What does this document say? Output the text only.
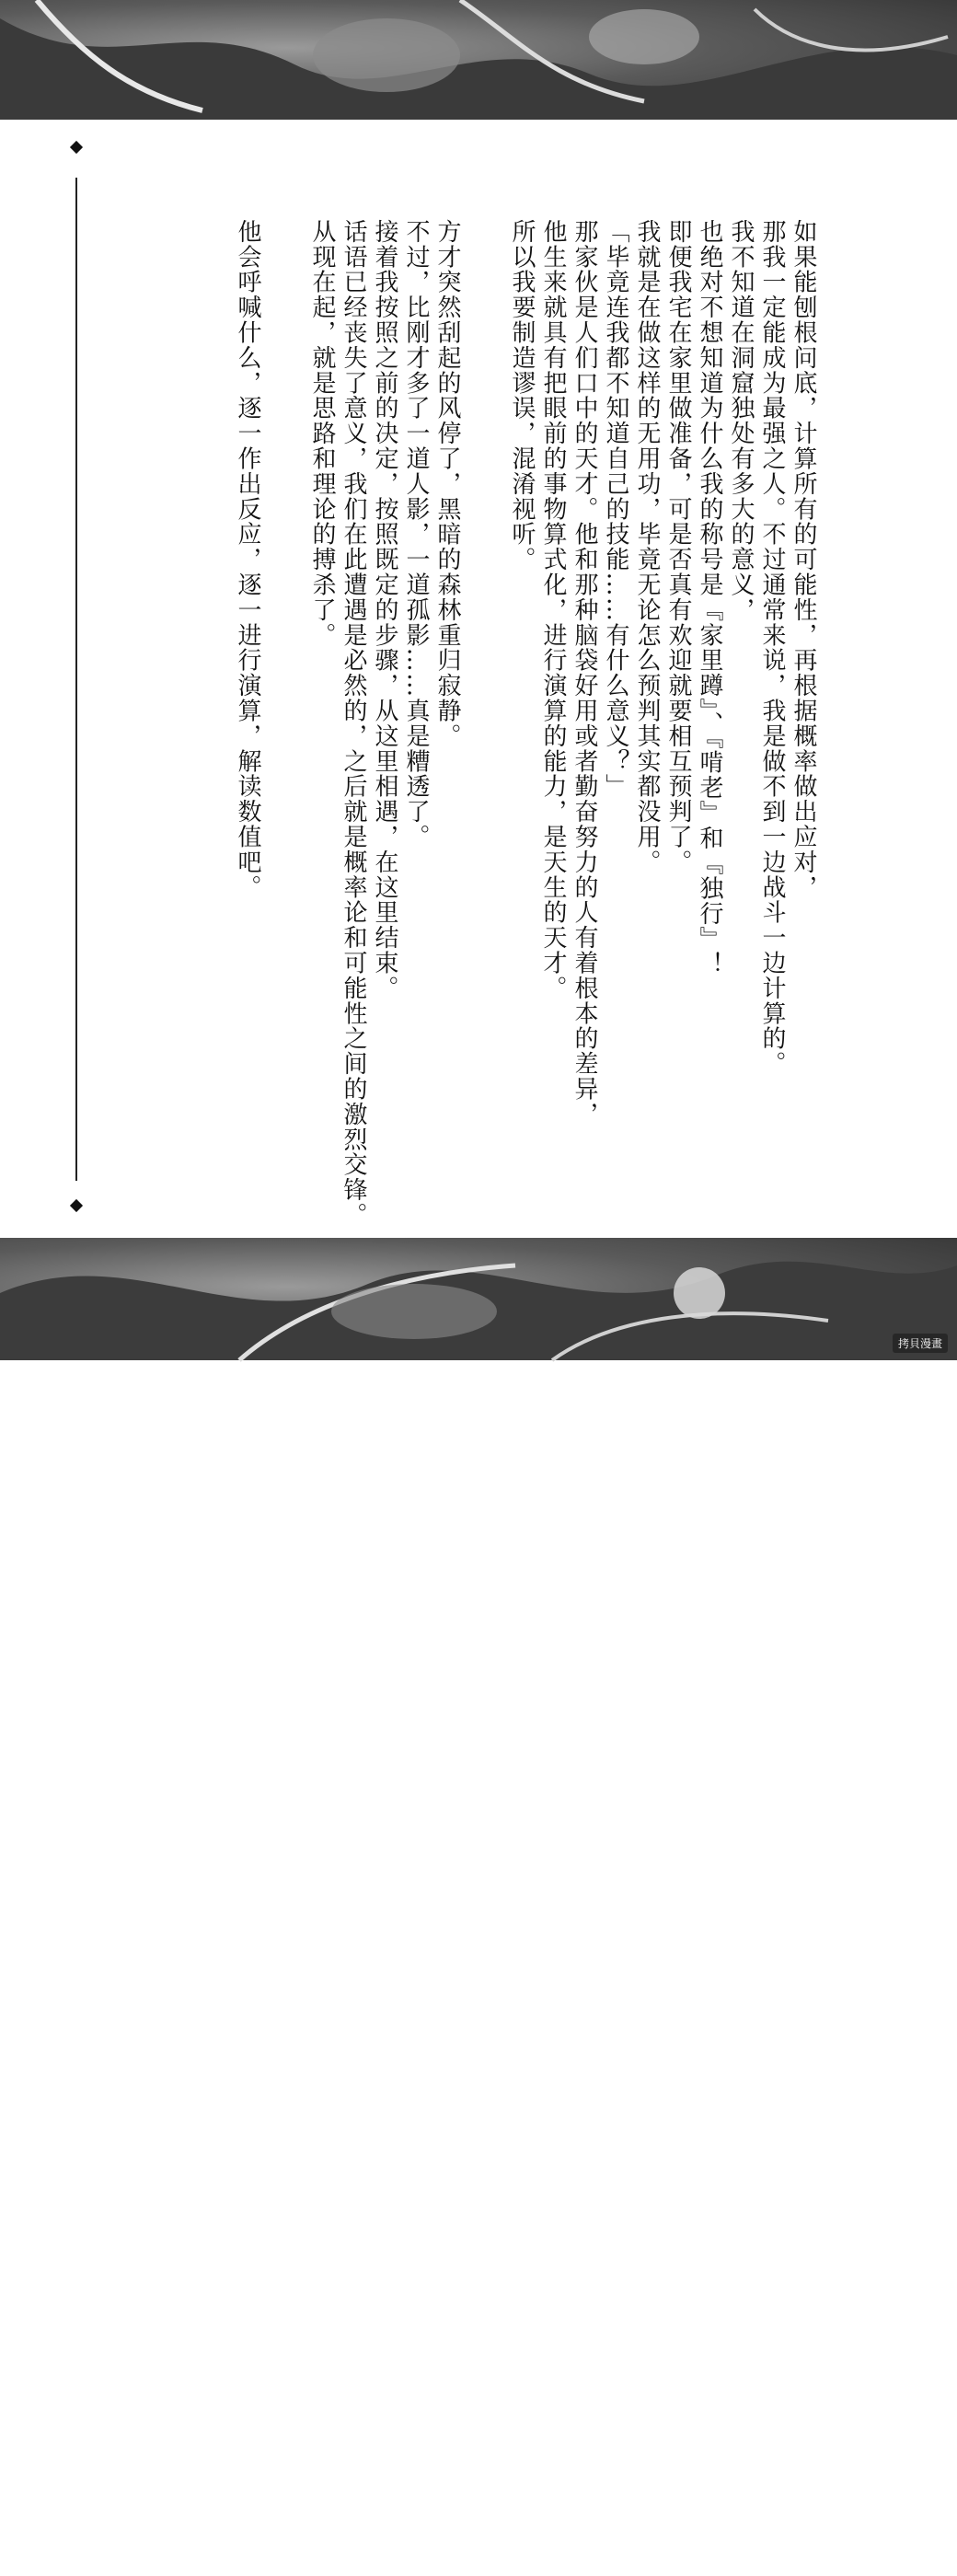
如果能刨根问底，计算所有的可能性，再根据概率做出应对，
那我一定能成为最强之人。不过通常来说，我是做不到一边战斗一边计算的。
我不知道在洞窟独处有多大的意义，
也绝对不想知道为什么我的称号是『家里蹲』、『啃老』和『独行』！
即便我宅在家里做准备，可是否真有欢迎就要相互预判了。
我就是在做这样的无用功，毕竟无论怎么预判其实都没用。
「毕竟连我都不知道自己的技能……有什么意义？」
那家伙是人们口中的天才。他和那种脑袋好用或者勤奋努力的人有着根本的差异，
他生来就具有把眼前的事物算式化，进行演算的能力，是天生的天才。
所以我要制造谬误，混淆视听。
方才突然刮起的风停了，黑暗的森林重归寂静。
不过，比刚才多了一道人影，一道孤影……真是糟透了。
接着我按照之前的决定，按照既定的步骤，从这里相遇，在这里结束。
话语已经丧失了意义，我们在此遭遇是必然的，之后就是概率论和可能性之间的激烈交锋。
从现在起，就是思路和理论的搏杀了。
他会呼喊什么，逐一作出反应，逐一进行演算，解读数值吧。
HITORI
BOCCHI NO
ISEKAI
KOURYAKU
拷貝漫畫
